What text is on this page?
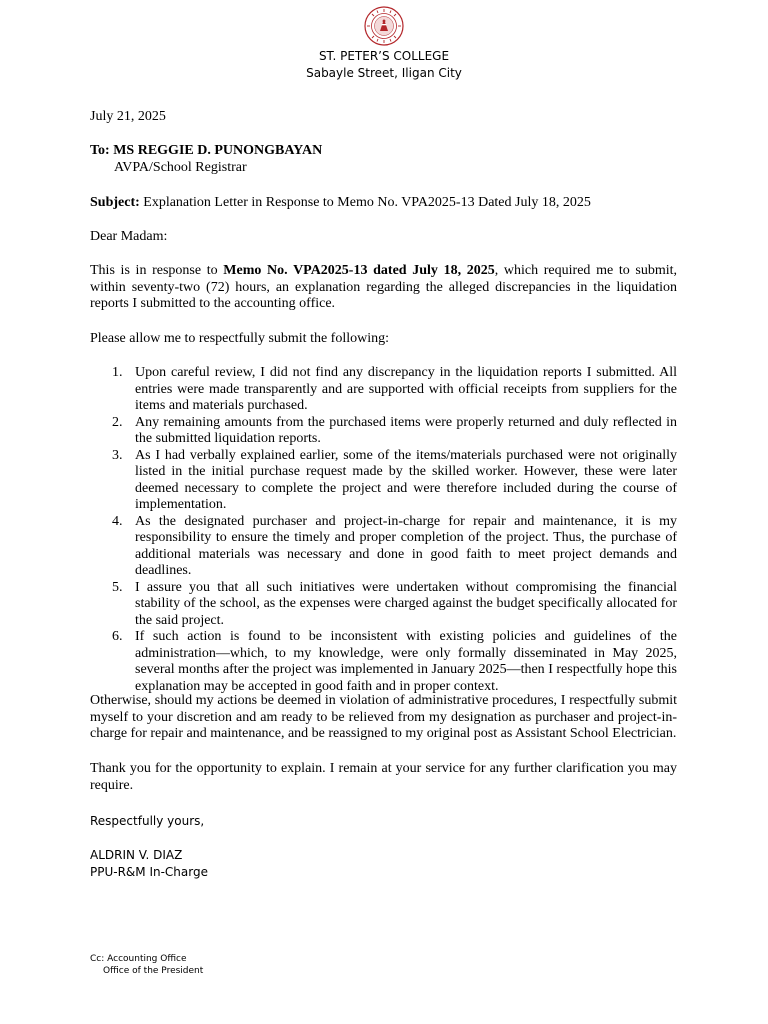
ST. PETER’S COLLEGE
Sabayle Street, Iligan City
July 21, 2025
To: MS REGGIE D. PUNONGBAYAN
AVPA/School Registrar
Subject: Explanation Letter in Response to Memo No. VPA2025-13 Dated July 18, 2025
Dear Madam:
This is in response to Memo No. VPA2025-13 dated July 18, 2025, which required me to submit, within seventy-two (72) hours, an explanation regarding the alleged discrepancies in the liquidation reports I submitted to the accounting office.
Please allow me to respectfully submit the following:
1. Upon careful review, I did not find any discrepancy in the liquidation reports I submitted. All entries were made transparently and are supported with official receipts from suppliers for the items and materials purchased.
2. Any remaining amounts from the purchased items were properly returned and duly reflected in the submitted liquidation reports.
3. As I had verbally explained earlier, some of the items/materials purchased were not originally listed in the initial purchase request made by the skilled worker. However, these were later deemed necessary to complete the project and were therefore included during the course of implementation.
4. As the designated purchaser and project-in-charge for repair and maintenance, it is my responsibility to ensure the timely and proper completion of the project. Thus, the purchase of additional materials was necessary and done in good faith to meet project demands and deadlines.
5. I assure you that all such initiatives were undertaken without compromising the financial stability of the school, as the expenses were charged against the budget specifically allocated for the said project.
6. If such action is found to be inconsistent with existing policies and guidelines of the administration—which, to my knowledge, were only formally disseminated in May 2025, several months after the project was implemented in January 2025—then I respectfully hope this explanation may be accepted in good faith and in proper context.
Otherwise, should my actions be deemed in violation of administrative procedures, I respectfully submit myself to your discretion and am ready to be relieved from my designation as purchaser and project-in-charge for repair and maintenance, and be reassigned to my original post as Assistant School Electrician.
Thank you for the opportunity to explain. I remain at your service for any further clarification you may require.
Respectfully yours,
ALDRIN V. DIAZ
PPU-R&M In-Charge
Cc: Accounting Office
Office of the President
